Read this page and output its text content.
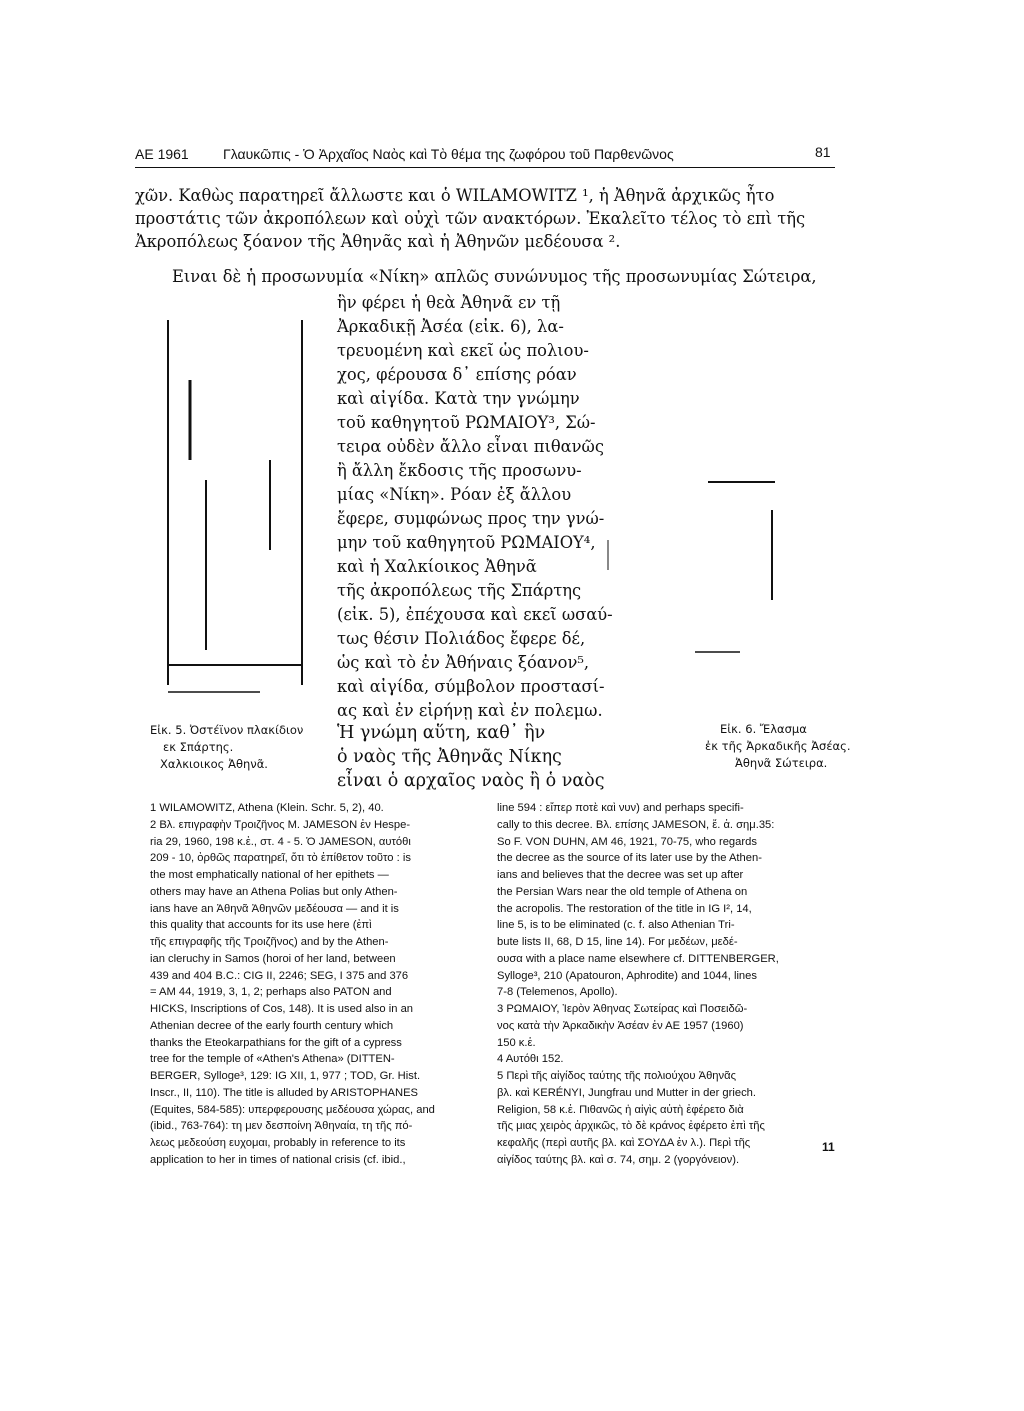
ΑΕ 1961 Γλαυκῶπις - Ὁ Ἀρχαῖος Ναὸς καὶ Τὸ θέμα της ζωφόρου τοῦ Παρθενῶνος	81
χῶν. Καθὼς παρατηρεῖ ἄλλωστε και ὁ WILAMOWITZ ¹, ἡ Ἀθηνᾶ ἀρχικῶς ἦτο
προστάτις τῶν ἀκροπόλεων καὶ οὐχὶ τῶν ανακτόρων. Ἐκαλεῖτο τέλος τὸ επὶ τῆς
Ἀκροπόλεως ξόανον τῆς Ἀθηνᾶς καὶ ἡ Ἀθηνῶν μεδέουσα ².
Ειναι δὲ ἡ προσωνυμία «Νίκη» απλῶς συνώνυμος τῆς προσωνυμίας Σώτειρα,
Εἰκ. 5. Ὀστέϊνον πλακίδιον
εκ Σπάρτης.
Χαλκιοικος Ἀθηνᾶ.
ἣν φέρει ἡ θεὰ Ἀθηνᾶ εν τῇ
Ἀρκαδικῇ Ἀσέα (εἰκ. 6), λα-
τρευομένη καὶ εκεῖ ὡς πολιου-
χος, φέρουσα δ᾽ επίσης ρόαν
καὶ αἰγίδα. Κατὰ την γνώμην
τοῦ καθηγητοῦ ΡΩΜΑΙΟΥ³, Σώ-
τειρα οὐδὲν ἄλλο εἶναι πιθανῶς
ἢ ἄλλη ἔκδοσις τῆς προσωνυ-
μίας «Νίκη». Ρόαν ἐξ ἄλλου
ἔφερε, συμφώνως προς την γνώ-
μην τοῦ καθηγητοῦ ΡΩΜΑΙΟΥ⁴,
καὶ ἡ Χαλκίοικος Ἀθηνᾶ
τῆς ἀκροπόλεως τῆς Σπάρτης
(εἰκ. 5), ἐπέχουσα καὶ εκεῖ ωσαύ-
τως θέσιν Πολιάδος ἔφερε δέ,
ὡς καὶ τὸ ἐν Ἀθήναις ξόανον⁵,
καὶ αἰγίδα, σύμβολον προστασί-
ας καὶ ἐν εἰρήνῃ καὶ ἐν πολεμω.
Ἡ γνώμη αὕτη, καθ᾽ ἣν
ὁ ναὸς τῆς Ἀθηνᾶς Νίκης
εἶναι ὁ αρχαῖος ναὸς ἢ ὁ ναὸς
Εἰκ. 6. Ἔλασμα
ἐκ τῆς Ἀρκαδικῆς Ἀσέας.
Ἀθηνᾶ Σώτειρα.
1 WILAMOWITZ, Athena (Klein. Schr. 5, 2), 40.
2 Βλ. επιγραφὴν Τροιζῆνος Μ. JAMESON ἐν Hespe-
ria 29, 1960, 198 κ.ἑ., στ. 4 - 5. Ὁ JAMESON, αυτόθι
209 - 10, ὀρθῶς παρατηρεῖ, ὅτι τὸ ἐπίθετον τοῦτο : is
the most emphatically national of her epithets —
others may have an Athena Polias but only Athen-
ians have an Ἀθηνᾶ Ἀθηνῶν μεδέουσα — and it is
this quality that accounts for its use here (ἐπὶ
τῆς επιγραφῆς τῆς Τροιζῆνος) and by the Athen-
ian cleruchy in Samos (horoi of her land, between
439 and 404 B.C.: CIG II, 2246; SEG, I 375 and 376
= AM 44, 1919, 3, 1, 2; perhaps also PATON and
HICKS, Inscriptions of Cos, 148). It is used also in an
Athenian decree of the early fourth century which
thanks the Eteokarpathians for the gift of a cypress
tree for the temple of «Athen's Athena» (DITTEN-
BERGER, Sylloge³, 129: IG XII, 1, 977 ; TOD, Gr. Hist.
Inscr., II, 110). The title is alluded by ARISTOPHANES
(Equites, 584-585): υπερφερουσης μεδέουσα χώρας, and
(ibid., 763-764): τη μεν δεσποίνη Ἀθηναία, τη τῆς πό-
λεως μεδεούση ευχομαι, probably in reference to its
application to her in times of national crisis (cf. ibid.,
line 594 : εἴπερ ποτὲ καὶ νυν) and perhaps specifi-
cally to this decree. Βλ. επίσης JAMESON, ἔ. ἀ. σημ.35:
So F. VON DUHN, AM 46, 1921, 70-75, who regards
the decree as the source of its later use by the Athen-
ians and believes that the decree was set up after
the Persian Wars near the old temple of Athena on
the acropolis. The restoration of the title in IG I², 14,
line 5, is to be eliminated (c. f. also Athenian Tri-
bute lists II, 68, D 15, line 14). For μεδέων, μεδέ-
ουσα with a place name elsewhere cf. DITTENBERGER,
Sylloge³, 210 (Apatouron, Aphrodite) and 1044, lines
7-8 (Telemenos, Apollo).
3 ΡΩΜΑΙΟΥ, Ἱερὸν Ἀθηνας Σωτείρας καὶ Ποσειδῶ-
νος κατὰ τὴν Ἀρκαδικὴν Ἀσέαν ἐν ΑΕ 1957 (1960)
150 κ.ἑ.
4 Αυτόθι 152.
5 Περὶ τῆς αἰγίδος ταύτης τῆς πολιούχου Ἀθηνᾶς
βλ. καὶ KERÉNYI, Jungfrau und Mutter in der griech.
Religion, 58 κ.ἑ. Πιθανῶς ἡ αἰγὶς αὐτὴ ἐφέρετο διὰ
τῆς μιας χειρὸς ἀρχικῶς, τὸ δὲ κράνος ἐφέρετο ἐπὶ τῆς
κεφαλῆς (περὶ αυτῆς βλ. καὶ ΣΟΥΔΑ ἐν λ.). Περὶ τῆς
αἰγίδος ταύτης βλ. καὶ σ. 74, σημ. 2 (γοργόνειον).
11
